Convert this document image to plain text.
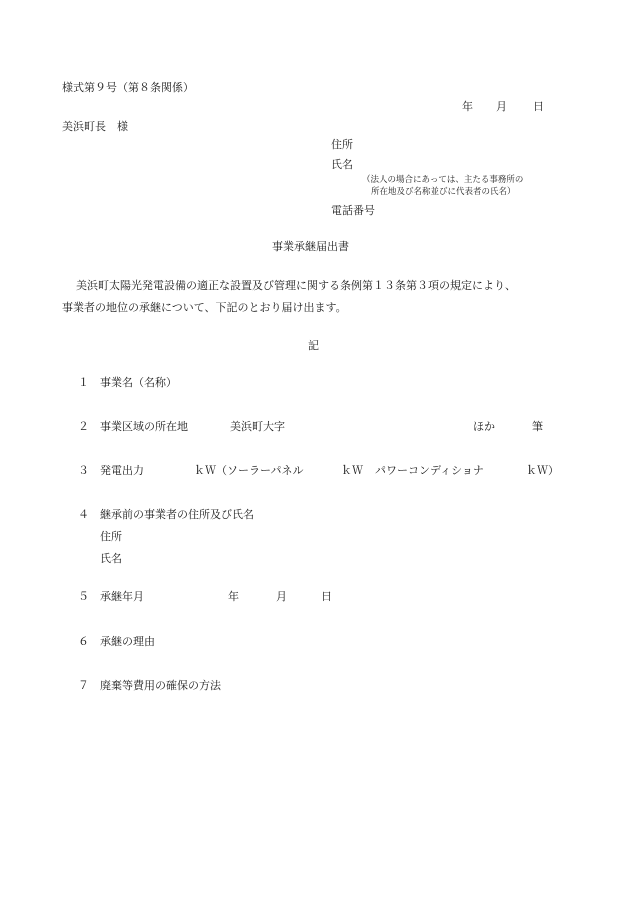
様式第９号（第８条関係）
年 月 日
美浜町長　様
住所
氏名
（法人の場合にあっては、主たる事務所の
所在地及び名称並びに代表者の氏名）
電話番号
事業承継届出書
美浜町太陽光発電設備の適正な設置及び管理に関する条例第１３条第３項の規定により、
事業者の地位の承継について、下記のとおり届け出ます。
記
１ 事業名（名称）
２ 事業区域の所在地	美浜町大字	ほか	筆
３ 発電出力	ｋＷ（ソーラーパネル	ｋＷ パワーコンディショナ	ｋＷ）
４ 継承前の事業者の住所及び氏名
住所
氏名
５ 承継年月	年	月	日
６ 承継の理由
７ 廃棄等費用の確保の方法
